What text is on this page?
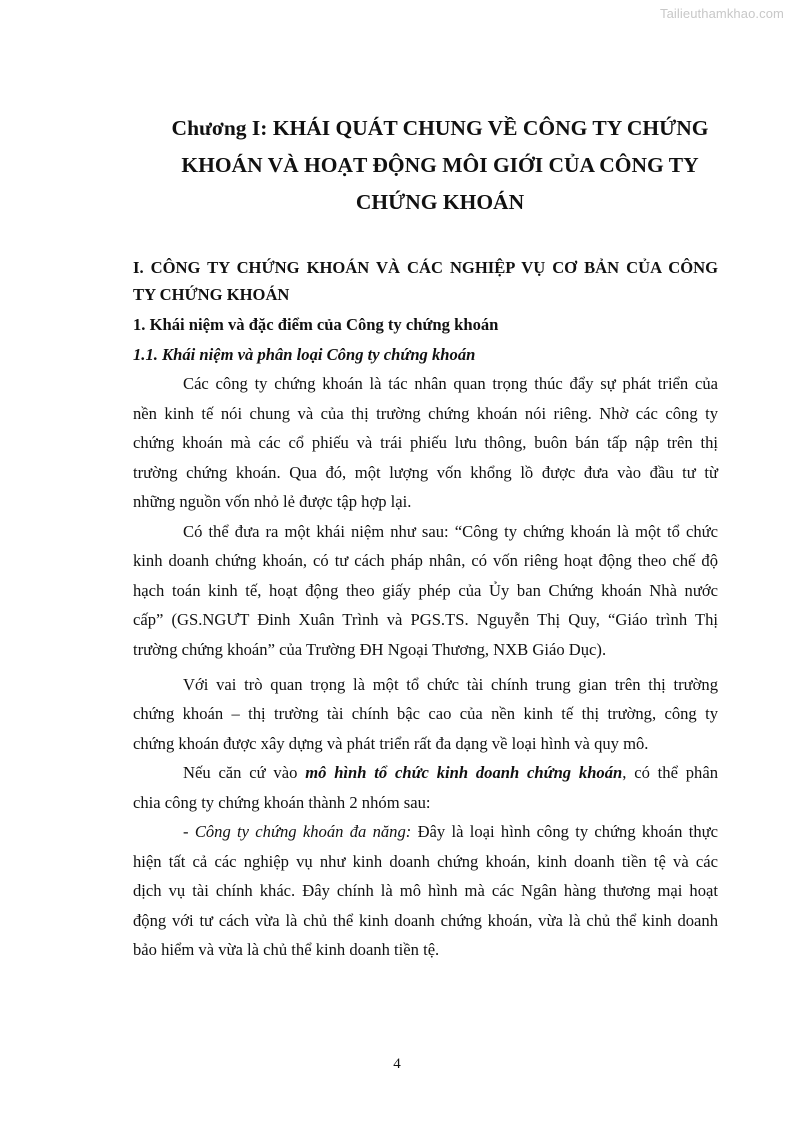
Tailieuthamkhao.com
Chương I: KHÁI QUÁT CHUNG VỀ CÔNG TY CHỨNG
KHOÁN VÀ HOẠT ĐỘNG MÔI GIỚI CỦA CÔNG TY
CHỨNG KHOÁN
I. CÔNG TY CHỨNG KHOÁN VÀ CÁC NGHIỆP VỤ CƠ BẢN CỦA CÔNG
TY CHỨNG KHOÁN
1. Khái niệm và đặc điểm của Công ty chứng khoán
1.1. Khái niệm và phân loại Công ty chứng khoán
Các công ty chứng khoán là tác nhân quan trọng thúc đẩy sự phát triển của
nền kinh tế nói chung và của thị trường chứng khoán nói riêng. Nhờ các công ty
chứng khoán mà các cổ phiếu và trái phiếu lưu thông, buôn bán tấp nập trên thị
trường chứng khoán. Qua đó, một lượng vốn khổng lồ được đưa vào đầu tư từ
những nguồn vốn nhỏ lẻ được tập hợp lại.
Có thể đưa ra một khái niệm như sau: “Công ty chứng khoán là một tổ chức
kinh doanh chứng khoán, có tư cách pháp nhân, có vốn riêng hoạt động theo chế độ
hạch toán kinh tế, hoạt động theo giấy phép của Ủy ban Chứng khoán Nhà nước
cấp” (GS.NGƯT Đinh Xuân Trình và PGS.TS. Nguyễn Thị Quy, “Giáo trình Thị
trường chứng khoán” của Trường ĐH Ngoại Thương, NXB Giáo Dục).
Với vai trò quan trọng là một tổ chức tài chính trung gian trên thị trường
chứng khoán – thị trường tài chính bậc cao của nền kinh tế thị trường, công ty
chứng khoán được xây dựng và phát triển rất đa dạng về loại hình và quy mô.
Nếu căn cứ vào mô hình tổ chức kinh doanh chứng khoán, có thể phân
chia công ty chứng khoán thành 2 nhóm sau:
- Công ty chứng khoán đa năng: Đây là loại hình công ty chứng khoán thực
hiện tất cả các nghiệp vụ như kinh doanh chứng khoán, kinh doanh tiền tệ và các
dịch vụ tài chính khác. Đây chính là mô hình mà các Ngân hàng thương mại hoạt
động với tư cách vừa là chủ thể kinh doanh chứng khoán, vừa là chủ thể kinh doanh
bảo hiểm và vừa là chủ thể kinh doanh tiền tệ.
4
